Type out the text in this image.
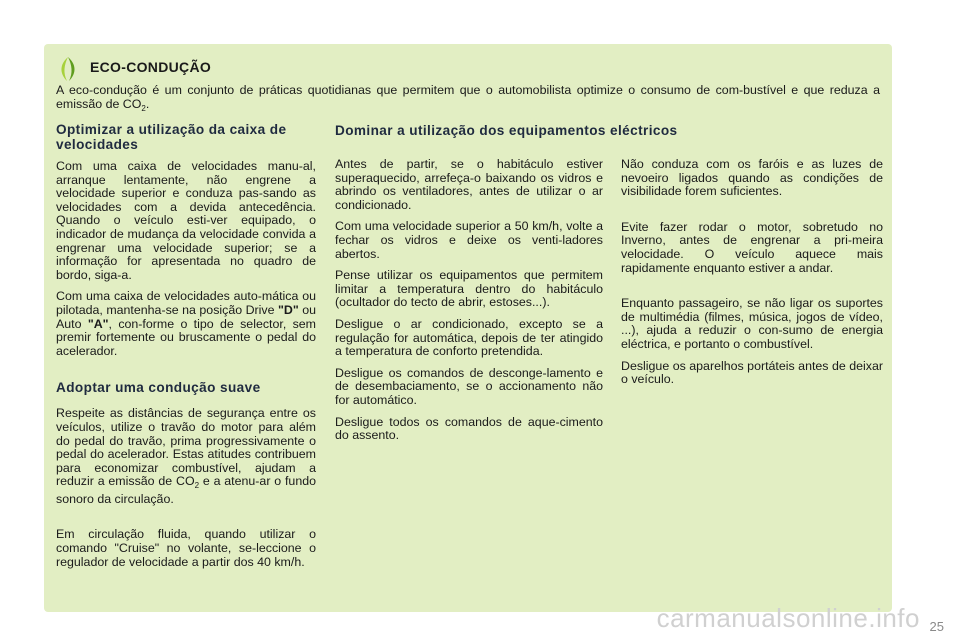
ECO-CONDUÇÃO

A eco-condução é um conjunto de práticas quotidianas que permitem que o automobilista optimize o consumo de com-bustível e que reduza a emissão de $CO_2$.

Optimizar a utilização da caixa de velocidades

Com uma caixa de velocidades manu-al, arranque lentamente, não engrene a velocidade superior e conduza pas-sando as velocidades com a devida antecedência. Quando o veículo esti-ver equipado, o indicador de mudança da velocidade convida a engrenar uma velocidade superior; se a informação for apresentada no quadro de bordo, siga-a.

Com uma caixa de velocidades auto-mática ou pilotada, mantenha-se na posição Drive "D" ou Auto "A", con-forme o tipo de selector, sem premir fortemente ou bruscamente o pedal do acelerador.

Adoptar uma condução suave

Respeite as distâncias de segurança entre os veículos, utilize o travão do motor para além do pedal do travão, prima progressivamente o pedal do acelerador. Estas atitudes contribuem para economizar combustível, ajudam a reduzir a emissão de $CO_2$ e a atenu-ar o fundo sonoro da circulação.

Em circulação fluida, quando utilizar o comando "Cruise" no volante, se-leccione o regulador de velocidade a partir dos 40 km/h.

Dominar a utilização dos equipamentos eléctricos

Antes de partir, se o habitáculo estiver superaquecido, arrefeça-o baixando os vidros e abrindo os ventiladores, antes de utilizar o ar condicionado.

Com uma velocidade superior a 50 km/h, volte a fechar os vidros e deixe os venti-ladores abertos.

Pense utilizar os equipamentos que permitem limitar a temperatura dentro do habitáculo (ocultador do tecto de abrir, estoses...).

Desligue o ar condicionado, excepto se a regulação for automática, depois de ter atingido a temperatura de conforto pretendida.

Desligue os comandos de desconge-lamento e de desembaciamento, se o accionamento não for automático.

Desligue todos os comandos de aque-cimento do assento.

Não conduza com os faróis e as luzes de nevoeiro ligados quando as condições de visibilidade forem suficientes.

Evite fazer rodar o motor, sobretudo no Inverno, antes de engrenar a pri-meira velocidade. O veículo aquece mais rapidamente enquanto estiver a andar.

Enquanto passageiro, se não ligar os suportes de multimédia (filmes, música, jogos de vídeo, ...), ajuda a reduzir o con-sumo de energia eléctrica, e portanto o combustível.

Desligue os aparelhos portáteis antes de deixar o veículo.

carmanualsonline.info 25
